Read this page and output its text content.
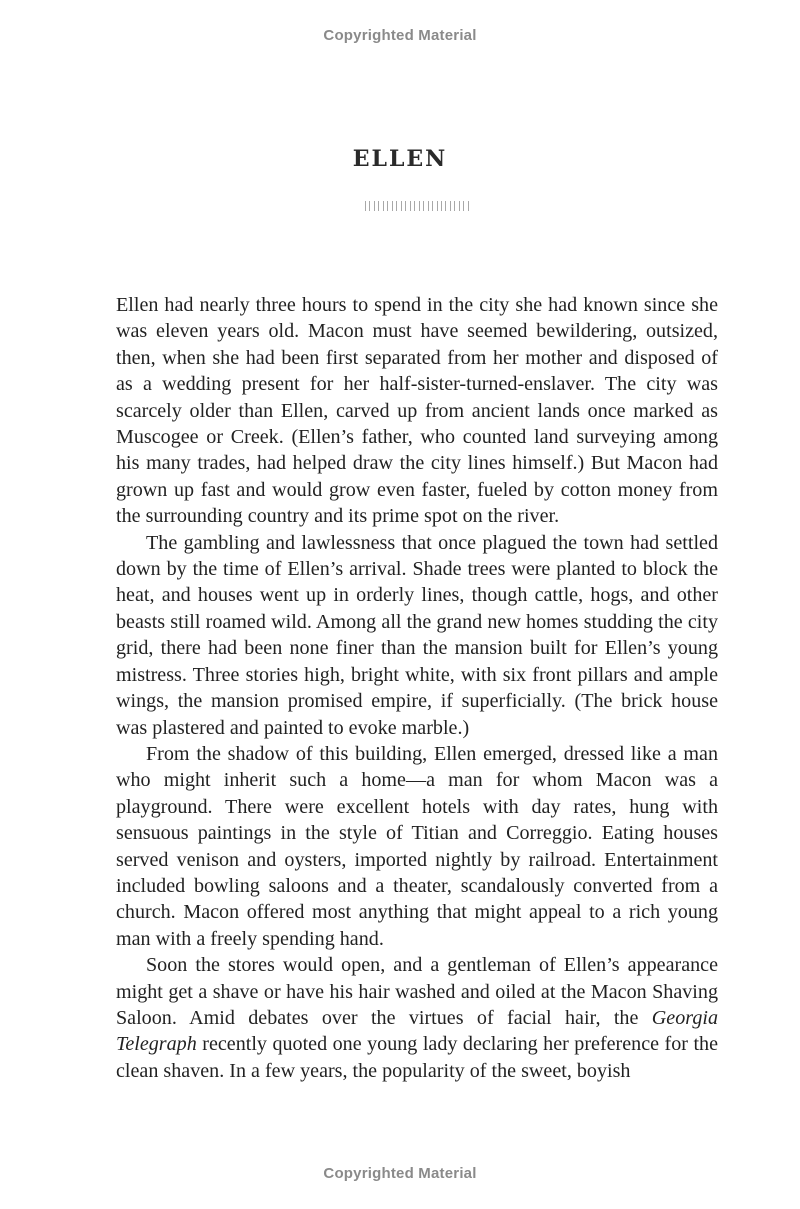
Copyrighted Material
ELLEN

Ellen had nearly three hours to spend in the city she had known since she was eleven years old. Macon must have seemed bewildering, outsized, then, when she had been first separated from her mother and disposed of as a wedding present for her half-sister-turned-enslaver. The city was scarcely older than Ellen, carved up from ancient lands once marked as Muscogee or Creek. (Ellen’s father, who counted land surveying among his many trades, had helped draw the city lines himself.) But Macon had grown up fast and would grow even faster, fueled by cotton money from the surrounding country and its prime spot on the river.

The gambling and lawlessness that once plagued the town had settled down by the time of Ellen’s arrival. Shade trees were planted to block the heat, and houses went up in orderly lines, though cattle, hogs, and other beasts still roamed wild. Among all the grand new homes studding the city grid, there had been none finer than the mansion built for Ellen’s young mistress. Three stories high, bright white, with six front pillars and ample wings, the mansion promised empire, if superficially. (The brick house was plastered and painted to evoke marble.)

From the shadow of this building, Ellen emerged, dressed like a man who might inherit such a home—a man for whom Macon was a playground. There were excellent hotels with day rates, hung with sensuous paintings in the style of Titian and Correggio. Eating houses served venison and oysters, imported nightly by railroad. Entertainment included bowling saloons and a theater, scandalously converted from a church. Macon offered most anything that might appeal to a rich young man with a freely spending hand.

Soon the stores would open, and a gentleman of Ellen’s appearance might get a shave or have his hair washed and oiled at the Macon Shaving Saloon. Amid debates over the virtues of facial hair, the Georgia Telegraph recently quoted one young lady declaring her preference for the clean shaven. In a few years, the popularity of the sweet, boyish

Copyrighted Material
